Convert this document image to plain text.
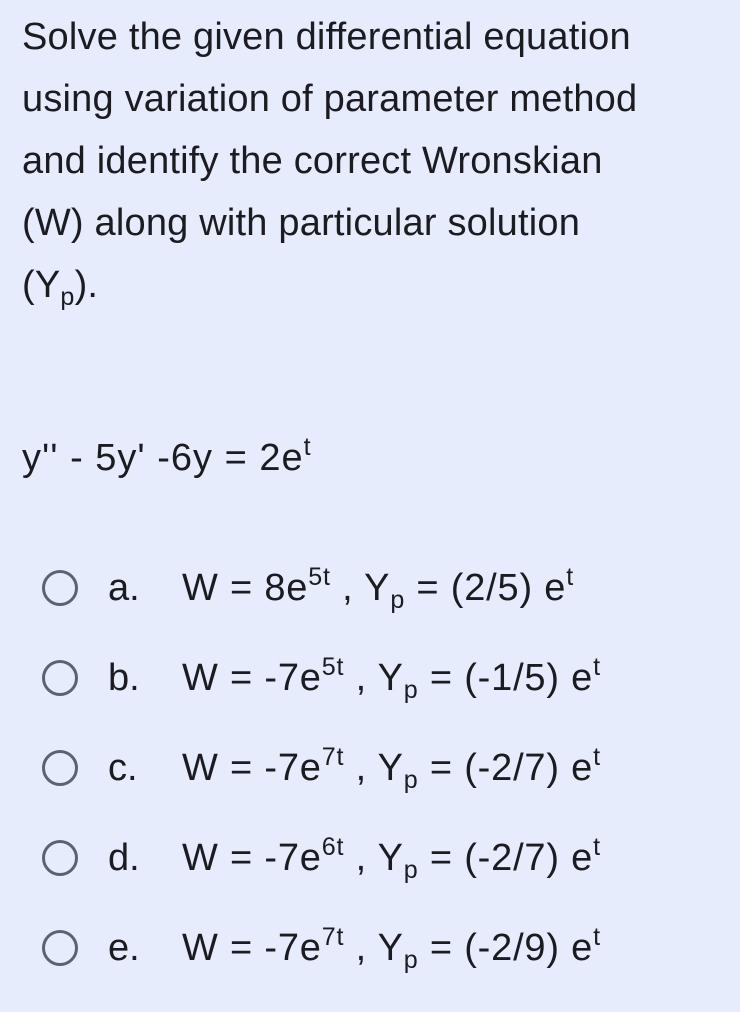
Solve the given differential equation
using variation of parameter method
and identify the correct Wronskian
(W) along with particular solution
$(Y_p)$.
y'' - 5y' $-6y = 2e^t$
a. $W = 8e^{5t}$ , $Y_p = (2/5)$ $e^t$
b. $W = -7e^{5t}$ , $Y_p = (-1/5)$ $e^t$
c. $W = -7e^{7t}$ , $Y_p = (-2/7)$ $e^t$
d. $W = -7e^{6t}$ , $Y_p = (-2/7)$ $e^t$
e. $W = -7e^{7t}$ , $Y_p = (-2/9)$ $e^t$
